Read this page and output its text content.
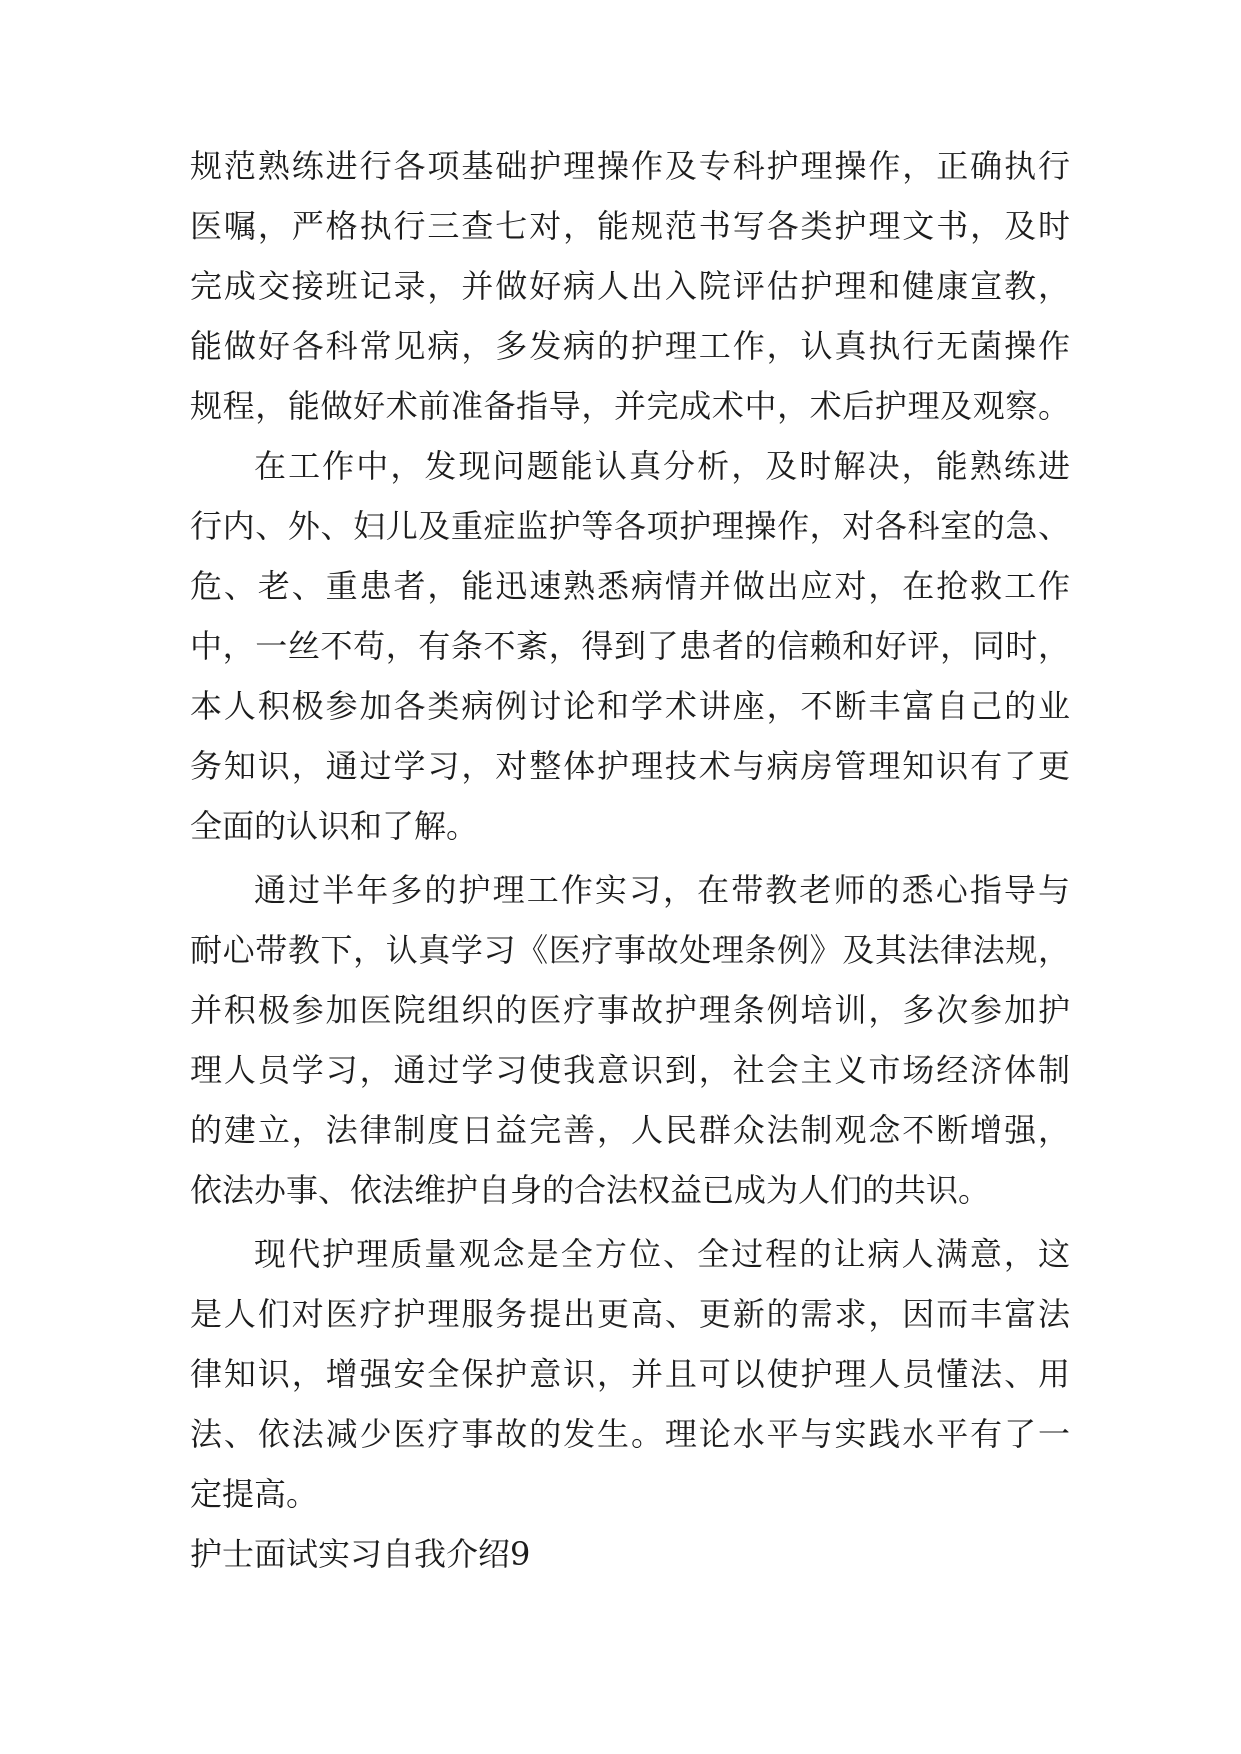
规范熟练进行各项基础护理操作及专科护理操作，正确执行
医嘱，严格执行三查七对，能规范书写各类护理文书，及时
完成交接班记录，并做好病人出入院评估护理和健康宣教，
能做好各科常见病，多发病的护理工作，认真执行无菌操作
规程，能做好术前准备指导，并完成术中，术后护理及观察。
在工作中，发现问题能认真分析，及时解决，能熟练进
行内、外、妇儿及重症监护等各项护理操作，对各科室的急、
危、老、重患者，能迅速熟悉病情并做出应对，在抢救工作
中，一丝不苟，有条不紊，得到了患者的信赖和好评，同时，
本人积极参加各类病例讨论和学术讲座，不断丰富自己的业
务知识，通过学习，对整体护理技术与病房管理知识有了更
全面的认识和了解。
通过半年多的护理工作实习，在带教老师的悉心指导与
耐心带教下，认真学习《医疗事故处理条例》及其法律法规，
并积极参加医院组织的医疗事故护理条例培训，多次参加护
理人员学习，通过学习使我意识到，社会主义市场经济体制
的建立，法律制度日益完善，人民群众法制观念不断增强，
依法办事、依法维护自身的合法权益已成为人们的共识。
现代护理质量观念是全方位、全过程的让病人满意，这
是人们对医疗护理服务提出更高、更新的需求，因而丰富法
律知识，增强安全保护意识，并且可以使护理人员懂法、用
法、依法减少医疗事故的发生。理论水平与实践水平有了一
定提高。
护士面试实习自我介绍9
